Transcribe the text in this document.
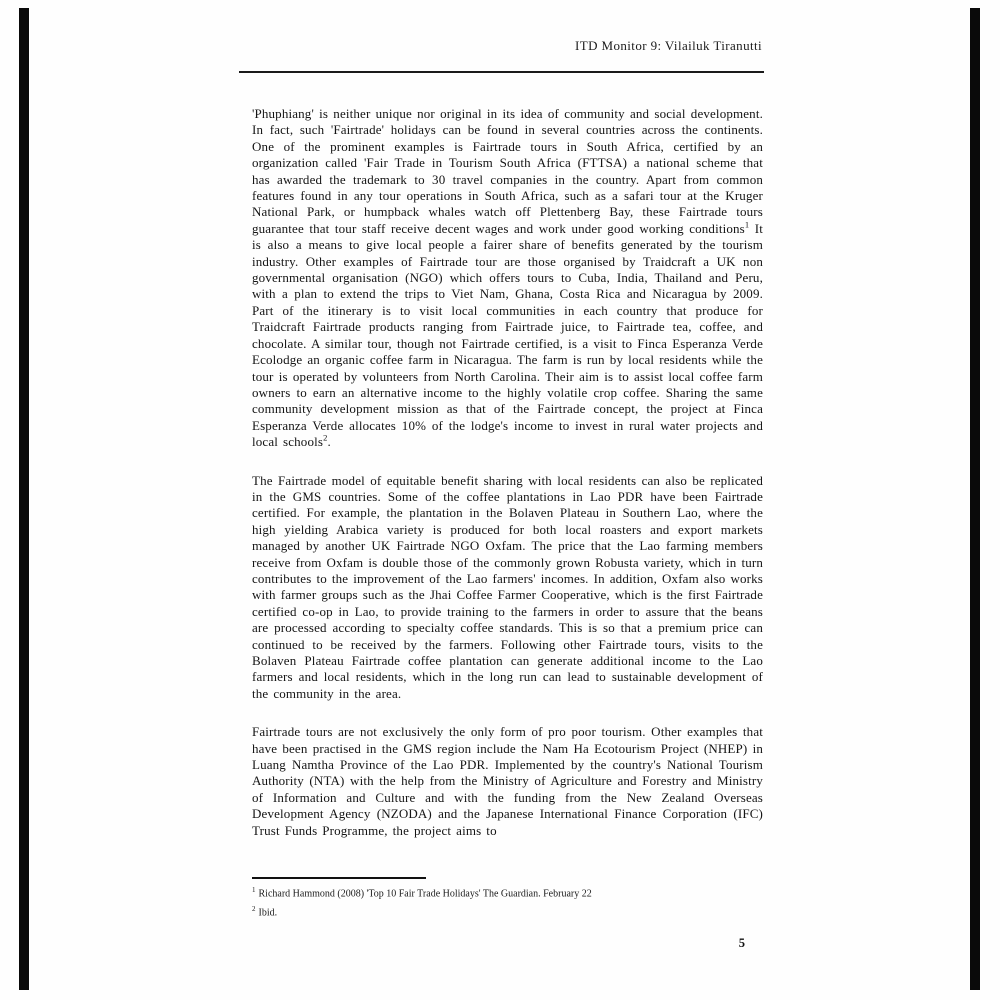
ITD Monitor 9: Vilailuk Tiranutti

'Phuphiang' is neither unique nor original in its idea of community and social development. In fact, such 'Fairtrade' holidays can be found in several countries across the continents. One of the prominent examples is Fairtrade tours in South Africa, certified by an organization called 'Fair Trade in Tourism South Africa (FTTSA) a national scheme that has awarded the trademark to 30 travel companies in the country. Apart from common features found in any tour operations in South Africa, such as a safari tour at the Kruger National Park, or humpback whales watch off Plettenberg Bay, these Fairtrade tours guarantee that tour staff receive decent wages and work under good working conditions$^1$ It is also a means to give local people a fairer share of benefits generated by the tourism industry. Other examples of Fairtrade tour are those organised by Traidcraft a UK non governmental organisation (NGO) which offers tours to Cuba, India, Thailand and Peru, with a plan to extend the trips to Viet Nam, Ghana, Costa Rica and Nicaragua by 2009. Part of the itinerary is to visit local communities in each country that produce for Traidcraft Fairtrade products ranging from Fairtrade juice, to Fairtrade tea, coffee, and chocolate. A similar tour, though not Fairtrade certified, is a visit to Finca Esperanza Verde Ecolodge an organic coffee farm in Nicaragua. The farm is run by local residents while the tour is operated by volunteers from North Carolina. Their aim is to assist local coffee farm owners to earn an alternative income to the highly volatile crop coffee. Sharing the same community development mission as that of the Fairtrade concept, the project at Finca Esperanza Verde allocates 10% of the lodge's income to invest in rural water projects and local schools$^2$.

The Fairtrade model of equitable benefit sharing with local residents can also be replicated in the GMS countries. Some of the coffee plantations in Lao PDR have been Fairtrade certified. For example, the plantation in the Bolaven Plateau in Southern Lao, where the high yielding Arabica variety is produced for both local roasters and export markets managed by another UK Fairtrade NGO Oxfam. The price that the Lao farming members receive from Oxfam is double those of the commonly grown Robusta variety, which in turn contributes to the improvement of the Lao farmers' incomes. In addition, Oxfam also works with farmer groups such as the Jhai Coffee Farmer Cooperative, which is the first Fairtrade certified co-op in Lao, to provide training to the farmers in order to assure that the beans are processed according to specialty coffee standards. This is so that a premium price can continued to be received by the farmers. Following other Fairtrade tours, visits to the Bolaven Plateau Fairtrade coffee plantation can generate additional income to the Lao farmers and local residents, which in the long run can lead to sustainable development of the community in the area.

Fairtrade tours are not exclusively the only form of pro poor tourism. Other examples that have been practised in the GMS region include the Nam Ha Ecotourism Project (NHEP) in Luang Namtha Province of the Lao PDR. Implemented by the country's National Tourism Authority (NTA) with the help from the Ministry of Agriculture and Forestry and Ministry of Information and Culture and with the funding from the New Zealand Overseas Development Agency (NZODA) and the Japanese International Finance Corporation (IFC) Trust Funds Programme, the project aims to

$^1$ Richard Hammond (2008) 'Top 10 Fair Trade Holidays' The Guardian. February 22

$^2$ Ibid.

5
